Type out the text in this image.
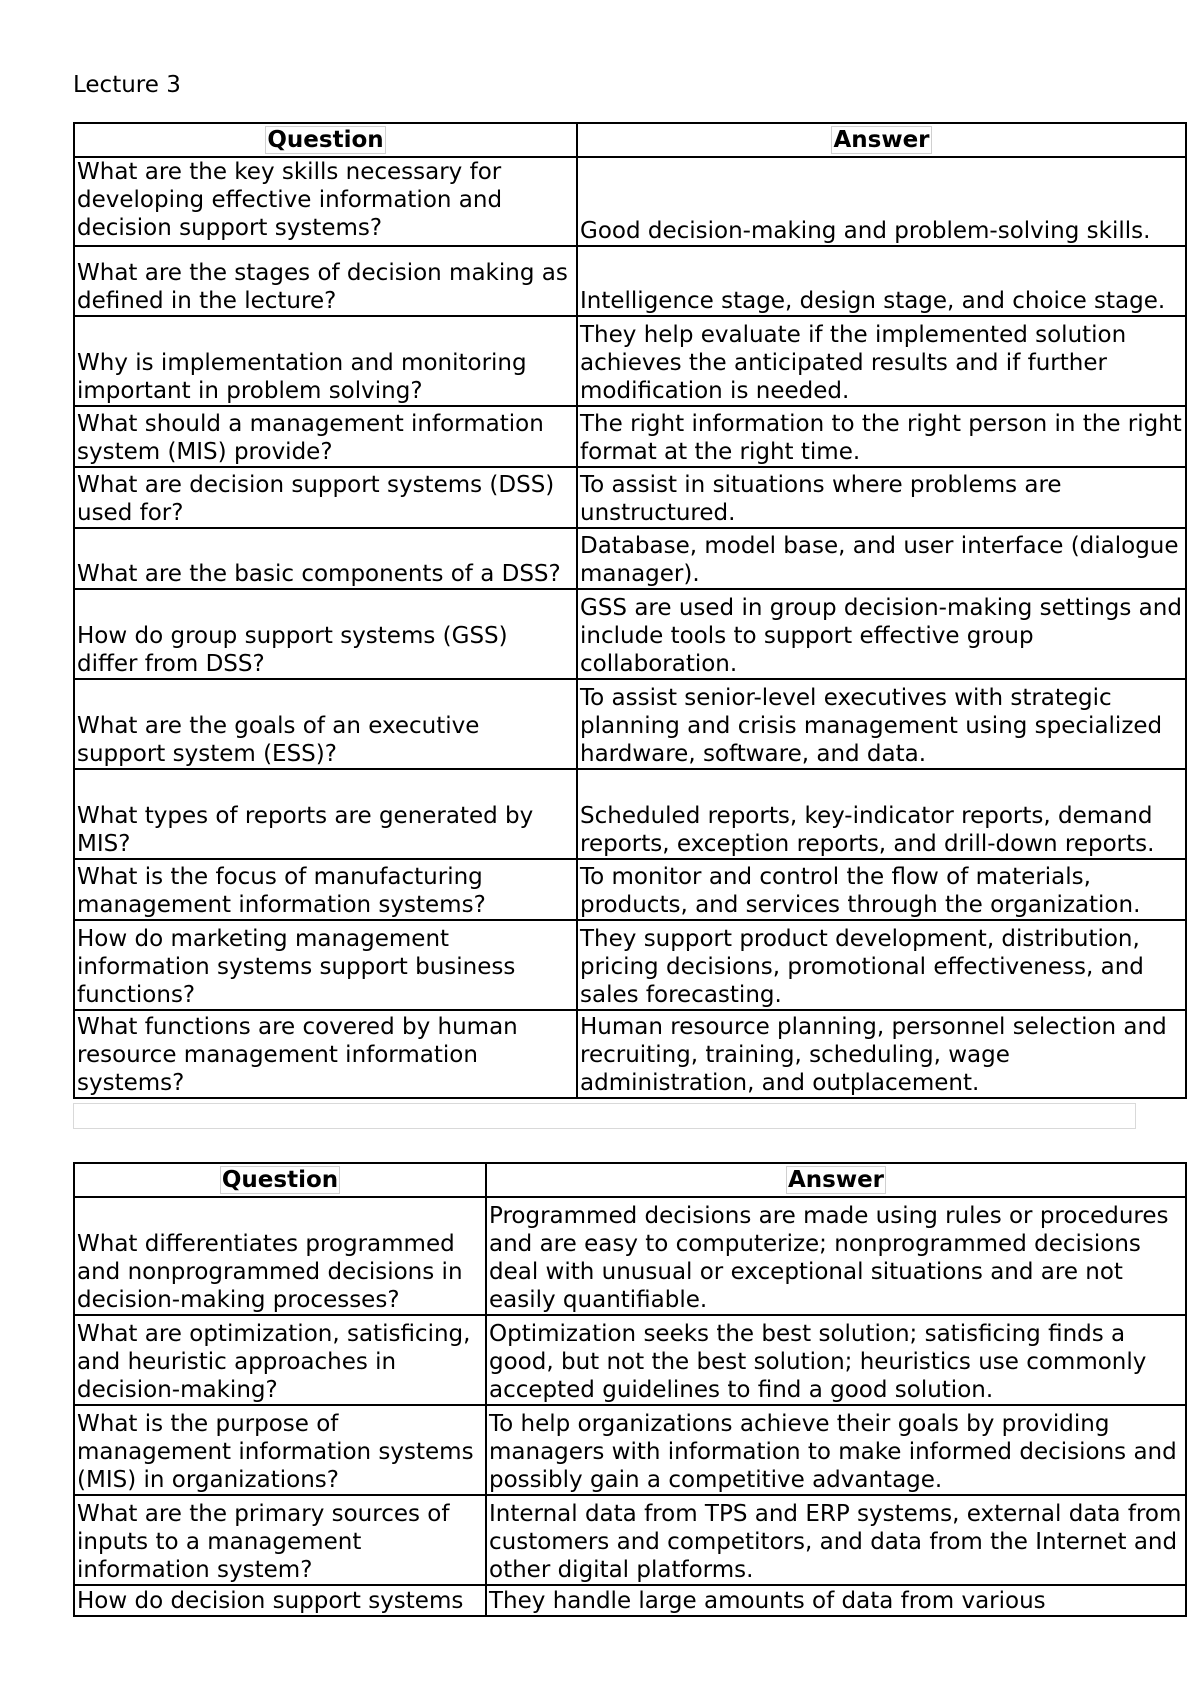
Lecture 3
Question	Answer
What are the key skills necessary for developing effective information and decision support systems?	Good decision-making and problem-solving skills.
What are the stages of decision making as defined in the lecture?	Intelligence stage, design stage, and choice stage.
Why is implementation and monitoring important in problem solving?	They help evaluate if the implemented solution achieves the anticipated results and if further modification is needed.
What should a management information system (MIS) provide?	The right information to the right person in the right format at the right time.
What are decision support systems (DSS) used for?	To assist in situations where problems are unstructured.
What are the basic components of a DSS?	Database, model base, and user interface (dialogue manager).
How do group support systems (GSS) differ from DSS?	GSS are used in group decision-making settings and include tools to support effective group collaboration.
What are the goals of an executive support system (ESS)?	To assist senior-level executives with strategic planning and crisis management using specialized hardware, software, and data.
What types of reports are generated by MIS?	Scheduled reports, key-indicator reports, demand reports, exception reports, and drill-down reports.
What is the focus of manufacturing management information systems?	To monitor and control the flow of materials, products, and services through the organization.
How do marketing management information systems support business functions?	They support product development, distribution, pricing decisions, promotional effectiveness, and sales forecasting.
What functions are covered by human resource management information systems?	Human resource planning, personnel selection and recruiting, training, scheduling, wage administration, and outplacement.
Question	Answer
What differentiates programmed and nonprogrammed decisions in decision-making processes?	Programmed decisions are made using rules or procedures and are easy to computerize; nonprogrammed decisions deal with unusual or exceptional situations and are not easily quantifiable.
What are optimization, satisficing, and heuristic approaches in decision-making?	Optimization seeks the best solution; satisficing finds a good, but not the best solution; heuristics use commonly accepted guidelines to find a good solution.
What is the purpose of management information systems (MIS) in organizations?	To help organizations achieve their goals by providing managers with information to make informed decisions and possibly gain a competitive advantage.
What are the primary sources of inputs to a management information system?	Internal data from TPS and ERP systems, external data from customers and competitors, and data from the Internet and other digital platforms.
How do decision support systems	They handle large amounts of data from various
